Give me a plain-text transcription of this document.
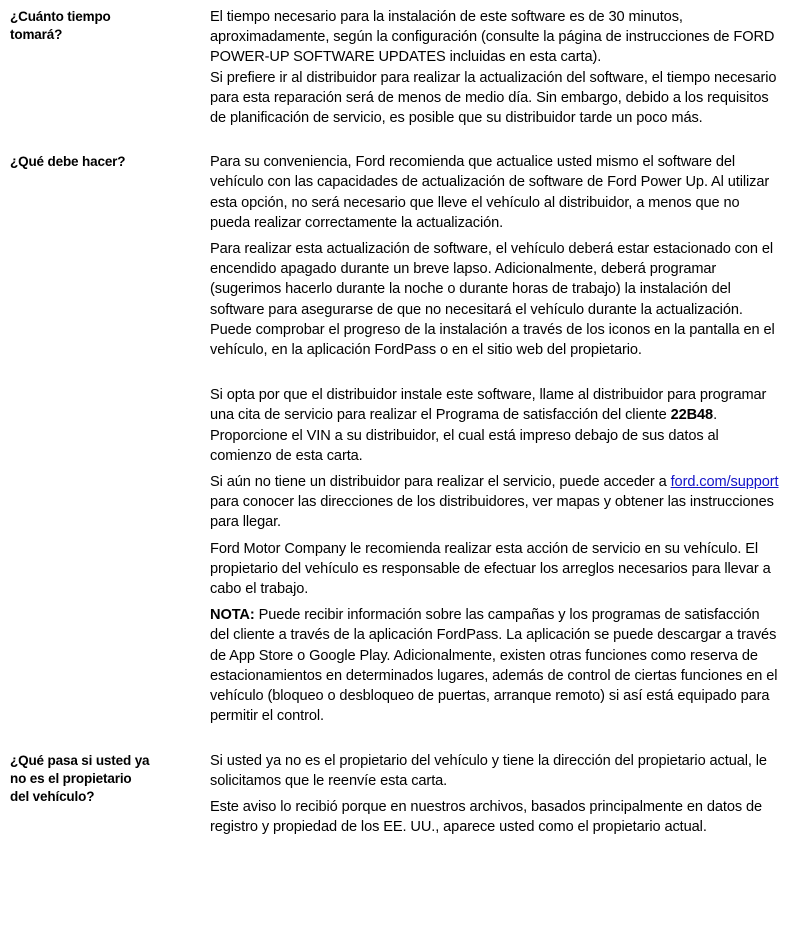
¿Cuánto tiempo
tomará?

El tiempo necesario para la instalación de este software es de 30 minutos, aproximadamente, según la configuración (consulte la página de instrucciones de FORD POWER-UP SOFTWARE UPDATES incluidas en esta carta).

Si prefiere ir al distribuidor para realizar la actualización del software, el tiempo necesario para esta reparación será de menos de medio día. Sin embargo, debido a los requisitos de planificación de servicio, es posible que su distribuidor tarde un poco más.

¿Qué debe hacer?	Para su conveniencia, Ford recomienda que actualice usted mismo el software del vehículo con las capacidades de actualización de software de Ford Power Up. Al utilizar esta opción, no será necesario que lleve el vehículo al distribuidor, a menos que no pueda realizar correctamente la actualización.

Para realizar esta actualización de software, el vehículo deberá estar estacionado con el encendido apagado durante un breve lapso. Adicionalmente, deberá programar (sugerimos hacerlo durante la noche o durante horas de trabajo) la instalación del software para asegurarse de que no necesitará el vehículo durante la actualización. Puede comprobar el progreso de la instalación a través de los iconos en la pantalla en el vehículo, en la aplicación FordPass o en el sitio web del propietario.

Si opta por que el distribuidor instale este software, llame al distribuidor para programar una cita de servicio para realizar el Programa de satisfacción del cliente 22B48. Proporcione el VIN a su distribuidor, el cual está impreso debajo de sus datos al comienzo de esta carta.

Si aún no tiene un distribuidor para realizar el servicio, puede acceder a ford.com/support para conocer las direcciones de los distribuidores, ver mapas y obtener las instrucciones para llegar.

Ford Motor Company le recomienda realizar esta acción de servicio en su vehículo. El propietario del vehículo es responsable de efectuar los arreglos necesarios para llevar a cabo el trabajo.

NOTA: Puede recibir información sobre las campañas y los programas de satisfacción del cliente a través de la aplicación FordPass. La aplicación se puede descargar a través de App Store o Google Play. Adicionalmente, existen otras funciones como reserva de estacionamientos en determinados lugares, además de control de ciertas funciones en el vehículo (bloqueo o desbloqueo de puertas, arranque remoto) si así está equipado para permitir el control.

¿Qué pasa si usted ya
no es el propietario
del vehículo?

Si usted ya no es el propietario del vehículo y tiene la dirección del propietario actual, le solicitamos que le reenvíe esta carta.

Este aviso lo recibió porque en nuestros archivos, basados principalmente en datos de registro y propiedad de los EE. UU., aparece usted como el propietario actual.
